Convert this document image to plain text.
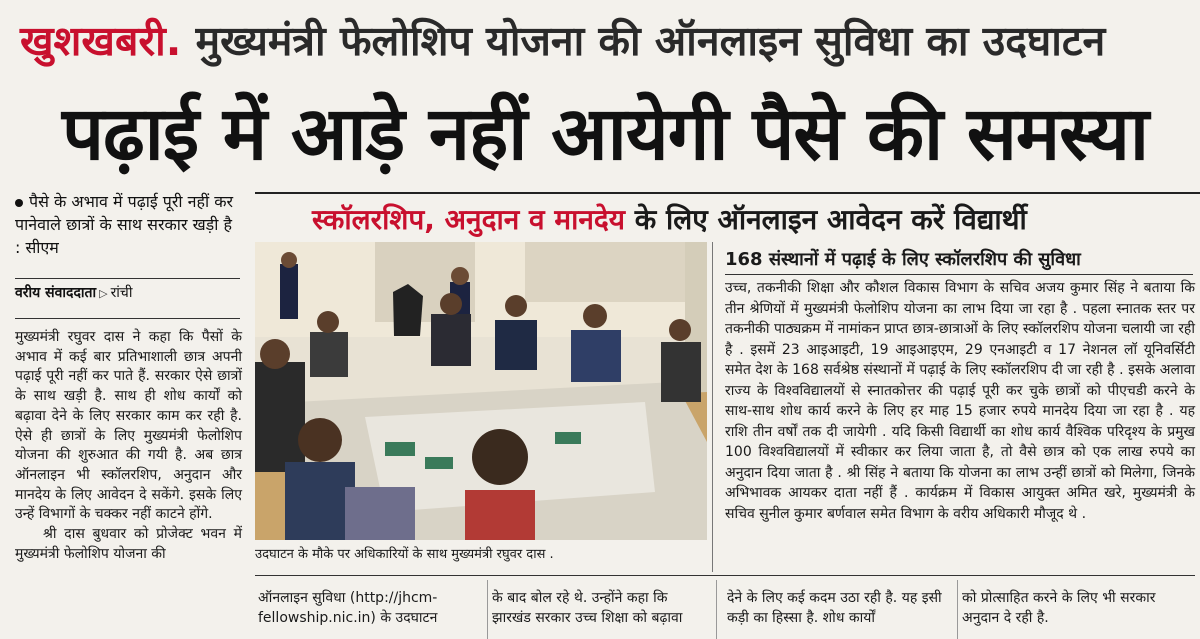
खुशखबरी. मुख्यमंत्री फेलोशिप योजना की ऑनलाइन सुविधा का उदघाटन
पढ़ाई में आड़े नहीं आयेगी पैसे की समस्या
पैसे के अभाव में पढ़ाई पूरी नहीं कर पानेवाले छात्रों के साथ सरकार खड़ी है : सीएम
वरीय संवाददाता ▷ रांची

मुख्यमंत्री रघुवर दास ने कहा कि पैसों के अभाव में कई बार प्रतिभाशाली छात्र अपनी पढ़ाई पूरी नहीं कर पाते हैं. सरकार ऐसे छात्रों के साथ खड़ी है. साथ ही शोध कार्यों को बढ़ावा देने के लिए सरकार काम कर रही है. ऐसे ही छात्रों के लिए मुख्यमंत्री फेलोशिप योजना की शुरुआत की गयी है. अब छात्र ऑनलाइन भी स्कॉलरशिप, अनुदान और मानदेय के लिए आवेदन दे सकेंगे. इसके लिए उन्हें विभागों के चक्कर नहीं काटने होंगे.

श्री दास बुधवार को प्रोजेक्ट भवन में मुख्यमंत्री फेलोशिप योजना की

स्कॉलरशिप, अनुदान व मानदेय के लिए ऑनलाइन आवेदन करें विद्यार्थी
उदघाटन के मौके पर अधिकारियों के साथ मुख्यमंत्री रघुवर दास .
168 संस्थानों में पढ़ाई के लिए स्कॉलरशिप की सुविधा
उच्च, तकनीकी शिक्षा और कौशल विकास विभाग के सचिव अजय कुमार सिंह ने बताया कि तीन श्रेणियों में मुख्यमंत्री फेलोशिप योजना का लाभ दिया जा रहा है . पहला स्नातक स्तर पर तकनीकी पाठ्यक्रम में नामांकन प्राप्त छात्र-छात्राओं के लिए स्कॉलरशिप योजना चलायी जा रही है . इसमें 23 आइआइटी, 19 आइआइएम, 29 एनआइटी व 17 नेशनल लॉ यूनिवर्सिटी समेत देश के 168 सर्वश्रेष्ठ संस्थानों में पढ़ाई के लिए स्कॉलरशिप दी जा रही है . इसके अलावा राज्य के विश्वविद्यालयों से स्नातकोत्तर की पढ़ाई पूरी कर चुके छात्रों को पीएचडी करने के साथ-साथ शोध कार्य करने के लिए हर माह 15 हजार रुपये मानदेय दिया जा रहा है . यह राशि तीन वर्षों तक दी जायेगी . यदि किसी विद्यार्थी का शोध कार्य वैश्विक परिदृश्य के प्रमुख 100 विश्वविद्यालयों में स्वीकार कर लिया जाता है, तो वैसे छात्र को एक लाख रुपये का अनुदान दिया जाता है . श्री सिंह ने बताया कि योजना का लाभ उन्हीं छात्रों को मिलेगा, जिनके अभिभावक आयकर दाता नहीं हैं . कार्यक्रम में विकास आयुक्त अमित खरे, मुख्यमंत्री के सचिव सुनील कुमार बर्णवाल समेत विभाग के वरीय अधिकारी मौजूद थे .
ऑनलाइन सुविधा (http://jhcm-fellowship.nic.in) के उदघाटन
के बाद बोल रहे थे. उन्होंने कहा कि झारखंड सरकार उच्च शिक्षा को बढ़ावा
देने के लिए कई कदम उठा रही है. यह इसी कड़ी का हिस्सा है. शोध कार्यों
को प्रोत्साहित करने के लिए भी सरकार अनुदान दे रही है.
